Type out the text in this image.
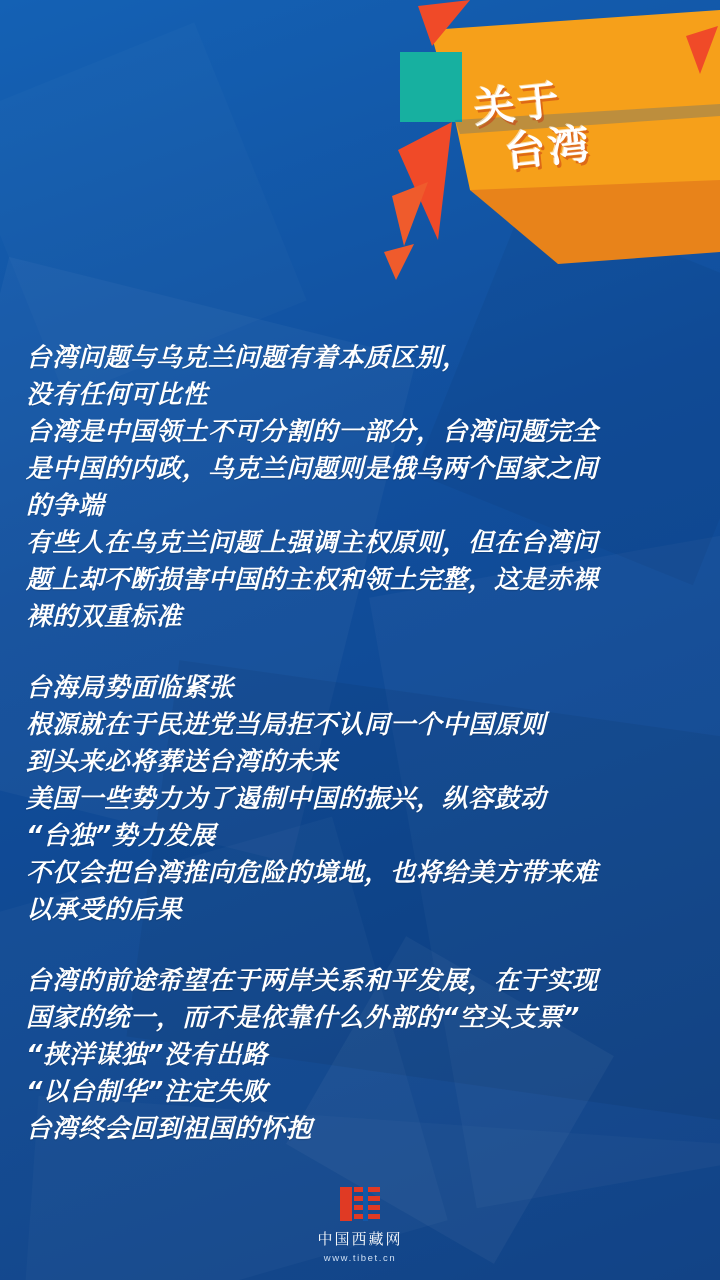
关于
台湾
台湾问题与乌克兰问题有着本质区别，
没有任何可比性
台湾是中国领土不可分割的一部分，台湾问题完全
是中国的内政，乌克兰问题则是俄乌两个国家之间
的争端
有些人在乌克兰问题上强调主权原则，但在台湾问
题上却不断损害中国的主权和领土完整，这是赤裸
裸的双重标准
台海局势面临紧张
根源就在于民进党当局拒不认同一个中国原则
到头来必将葬送台湾的未来
美国一些势力为了遏制中国的振兴，纵容鼓动
“台独”势力发展
不仅会把台湾推向危险的境地，也将给美方带来难
以承受的后果
台湾的前途希望在于两岸关系和平发展，在于实现
国家的统一，而不是依靠什么外部的“空头支票”
“挟洋谋独”没有出路
“以台制华”注定失败
台湾终会回到祖国的怀抱
中国西藏网
www.tibet.cn
